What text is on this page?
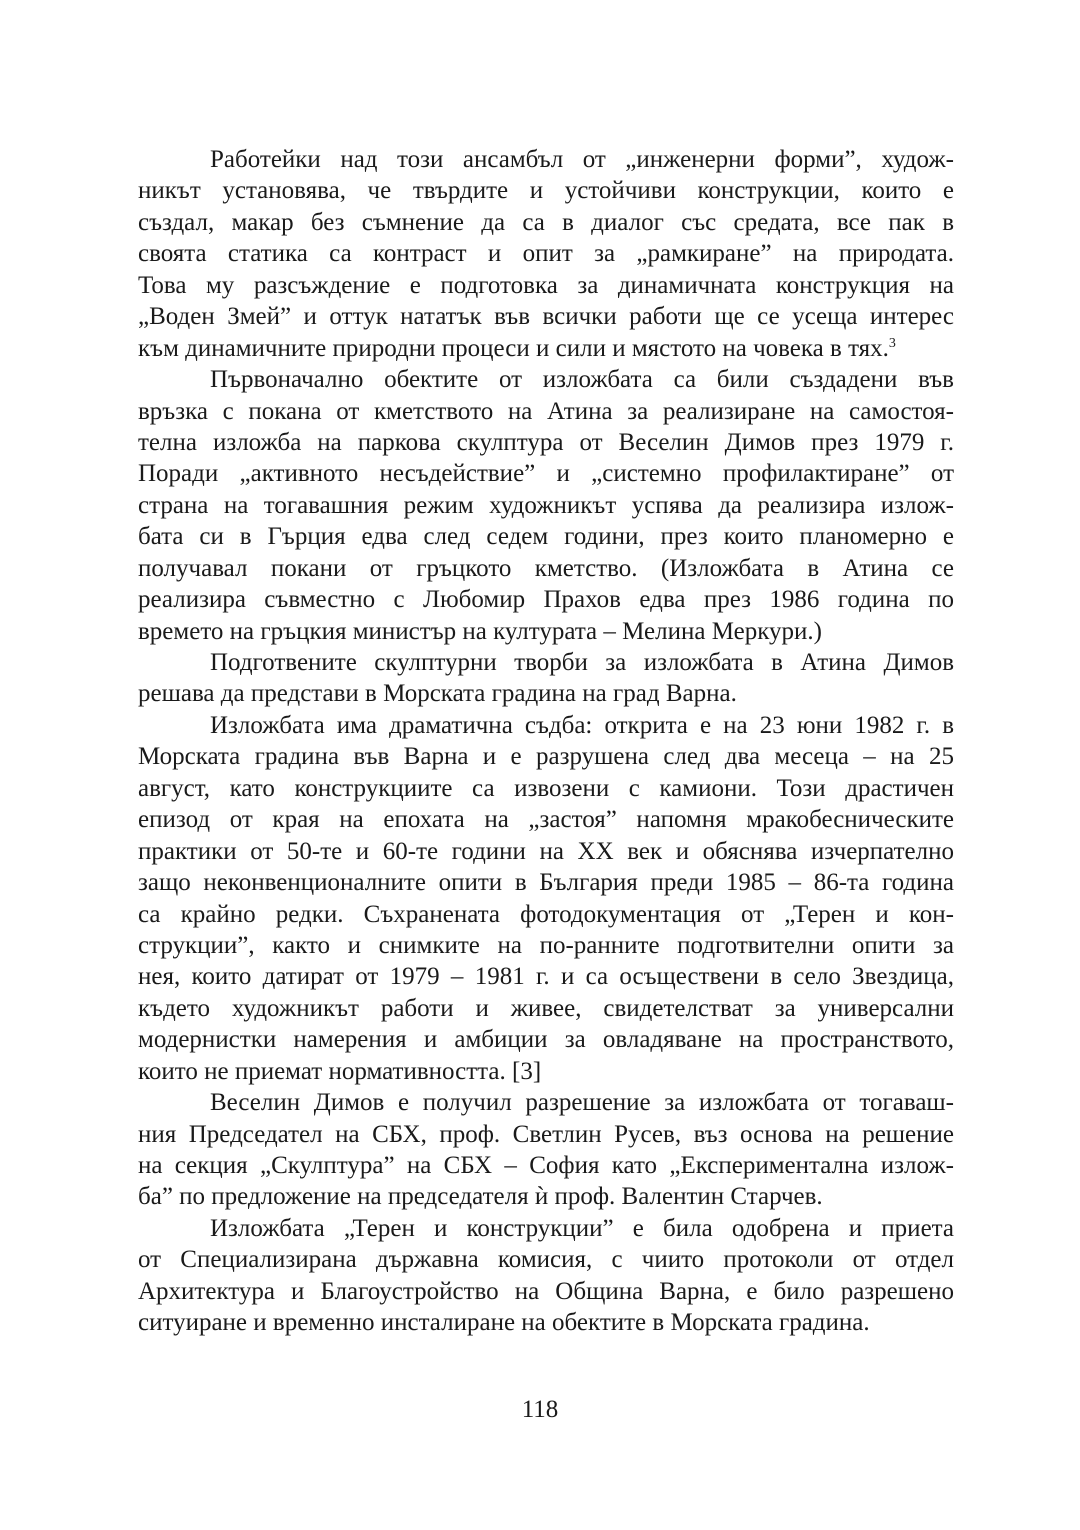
Работейки над този ансамбъл от „инженерни форми”, худож-
никът установява, че твърдите и устойчиви конструкции, които е
създал, макар без съмнение да са в диалог със средата, все пак в
своята статика са контраст и опит за „рамкиране” на природата.
Това му разсъждение е подготовка за динамичната конструкция на
„Воден Змей” и оттук нататък във всички работи ще се усеща интерес
към динамичните природни процеси и сили и мястото на човека в тях.$^3$
Първоначално обектите от изложбата са били създадени във
връзка с покана от кметството на Атина за реализиране на самостоя-
телна изложба на паркова скулптура от Веселин Димов през 1979 г.
Поради „активното несъдействие” и „системно профилактиране” от
страна на тогавашния режим художникът успява да реализира излож-
бата си в Гърция едва след седем години, през които планомерно е
получавал покани от гръцкото кметство. (Изложбата в Атина се
реализира съвместно с Любомир Прахов едва през 1986 година по
времето на гръцкия министър на културата – Мелина Меркури.)
Подготвените скулптурни творби за изложбата в Атина Димов
решава да представи в Морската градина на град Варна.
Изложбата има драматична съдба: открита е на 23 юни 1982 г. в
Морската градина във Варна и е разрушена след два месеца – на 25
август, като конструкциите са извозени с камиони. Този драстичен
епизод от края на епохата на „застоя” напомня мракобесническите
практики от 50-те и 60-те години на ХХ век и обяснява изчерпателно
защо неконвенционалните опити в България преди 1985 – 86-та година
са крайно редки. Съхранената фотодокументация от „Терен и кон-
струкции”, както и снимките на по-ранните подготвителни опити за
нея, които датират от 1979 – 1981 г. и са осъществени в село Звездица,
където художникът работи и живее, свидетелстват за универсални
модернистки намерения и амбиции за овладяване на пространството,
които не приемат нормативността. [3]
Веселин Димов е получил разрешение за изложбата от тогаваш-
ния Председател на СБХ, проф. Светлин Русев, въз основа на решение
на секция „Скулптура” на СБХ – София като „Експериментална излож-
ба” по предложение на председателя ѝ проф. Валентин Старчев.
Изложбата „Терен и конструкции” е била одобрена и приета
от Специализирана държавна комисия, с чиито протоколи от отдел
Архитектура и Благоустройство на Община Варна, е било разрешено
ситуиране и временно инсталиране на обектите в Морската градина.
118
